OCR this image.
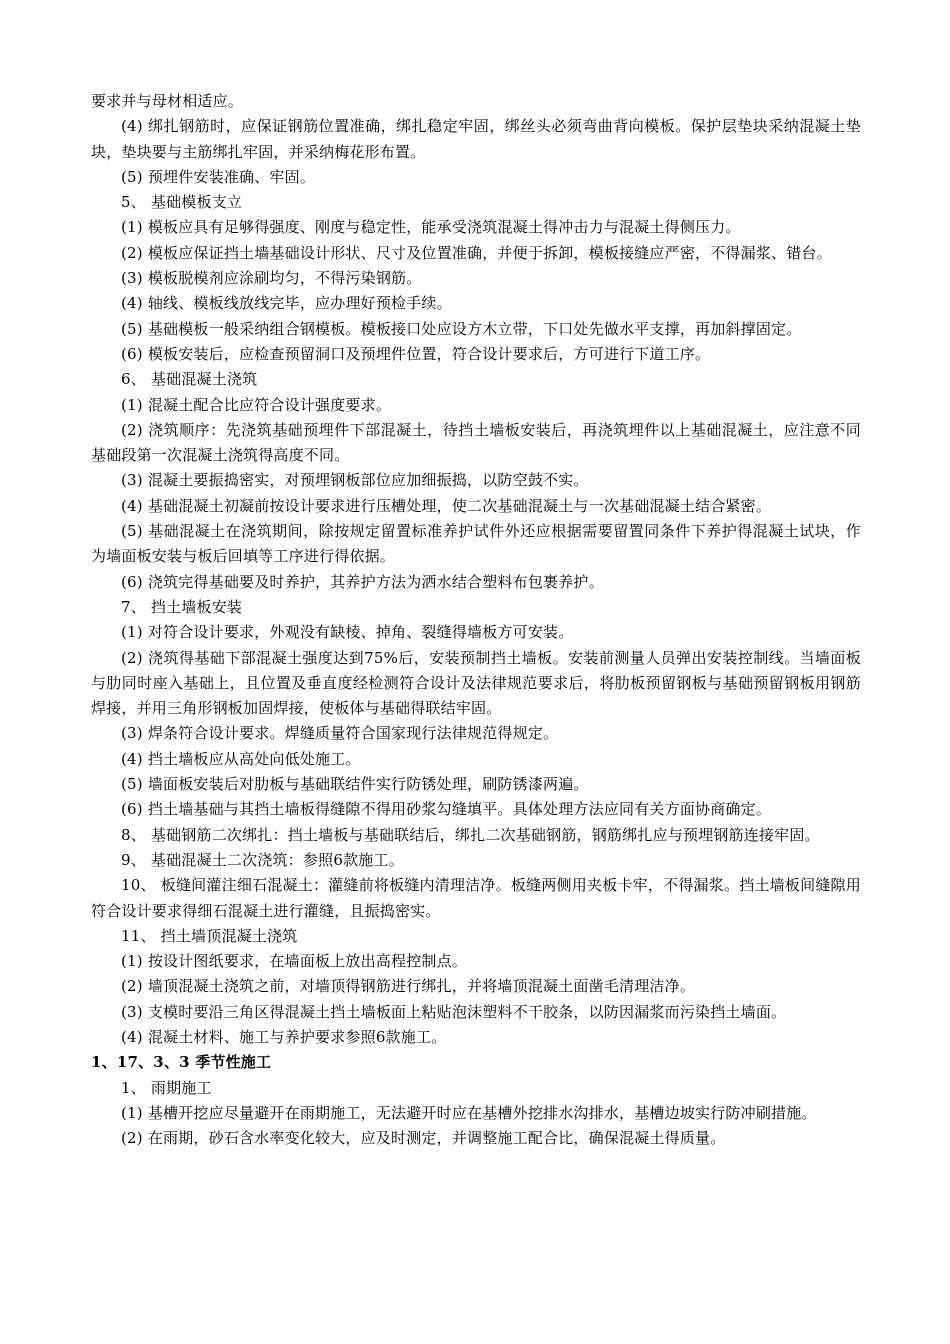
要求并与母材相适应。

(4) 绑扎钢筋时，应保证钢筋位置准确，绑扎稳定牢固，绑丝头必须弯曲背向模板。保护层垫块采纳混凝土垫块，垫块要与主筋绑扎牢固，并采纳梅花形布置。

(5) 预埋件安装准确、牢固。

5、 基础模板支立

(1) 模板应具有足够得强度、刚度与稳定性，能承受浇筑混凝土得冲击力与混凝土得侧压力。

(2) 模板应保证挡土墙基础设计形状、尺寸及位置准确，并便于拆卸，模板接缝应严密，不得漏浆、错台。

(3) 模板脱模剂应涂刷均匀，不得污染钢筋。

(4) 轴线、模板线放线完毕，应办理好预检手续。

(5) 基础模板一般采纳组合钢模板。模板接口处应设方木立带，下口处先做水平支撑，再加斜撑固定。

(6) 模板安装后，应检查预留洞口及预埋件位置，符合设计要求后，方可进行下道工序。

6、 基础混凝土浇筑

(1) 混凝土配合比应符合设计强度要求。

(2) 浇筑顺序：先浇筑基础预埋件下部混凝土，待挡土墙板安装后，再浇筑埋件以上基础混凝土，应注意不同基础段第一次混凝土浇筑得高度不同。

(3) 混凝土要振捣密实，对预埋钢板部位应加细振捣，以防空鼓不实。

(4) 基础混凝土初凝前按设计要求进行压槽处理，使二次基础混凝土与一次基础混凝土结合紧密。

(5) 基础混凝土在浇筑期间，除按规定留置标准养护试件外还应根据需要留置同条件下养护得混凝土试块，作为墙面板安装与板后回填等工序进行得依据。

(6) 浇筑完得基础要及时养护，其养护方法为洒水结合塑料布包裹养护。

7、 挡土墙板安装

(1) 对符合设计要求，外观没有缺棱、掉角、裂缝得墙板方可安装。

(2) 浇筑得基础下部混凝土强度达到75%后，安装预制挡土墙板。安装前测量人员弹出安装控制线。当墙面板与肋同时座入基础上，且位置及垂直度经检测符合设计及法律规范要求后，将肋板预留钢板与基础预留钢板用钢筋焊接，并用三角形钢板加固焊接，使板体与基础得联结牢固。

(3) 焊条符合设计要求。焊缝质量符合国家现行法律规范得规定。

(4) 挡土墙板应从高处向低处施工。

(5) 墙面板安装后对肋板与基础联结件实行防锈处理，刷防锈漆两遍。

(6) 挡土墙基础与其挡土墙板得缝隙不得用砂浆勾缝填平。具体处理方法应同有关方面协商确定。

8、 基础钢筋二次绑扎：挡土墙板与基础联结后，绑扎二次基础钢筋，钢筋绑扎应与预埋钢筋连接牢固。

9、 基础混凝土二次浇筑：参照6款施工。

10、 板缝间灌注细石混凝土：灌缝前将板缝内清理洁净。板缝两侧用夹板卡牢，不得漏浆。挡土墙板间缝隙用符合设计要求得细石混凝土进行灌缝，且振捣密实。

11、 挡土墙顶混凝土浇筑

(1) 按设计图纸要求，在墙面板上放出高程控制点。

(2) 墙顶混凝土浇筑之前，对墙顶得钢筋进行绑扎，并将墙顶混凝土面凿毛清理洁净。

(3) 支模时要沿三角区得混凝土挡土墙板面上粘贴泡沫塑料不干胶条，以防因漏浆而污染挡土墙面。

(4) 混凝土材料、施工与养护要求参照6款施工。

1、17、3、3 季节性施工

1、 雨期施工

(1) 基槽开挖应尽量避开在雨期施工，无法避开时应在基槽外挖排水沟排水，基槽边坡实行防冲刷措施。

(2) 在雨期，砂石含水率变化较大，应及时测定，并调整施工配合比，确保混凝土得质量。
